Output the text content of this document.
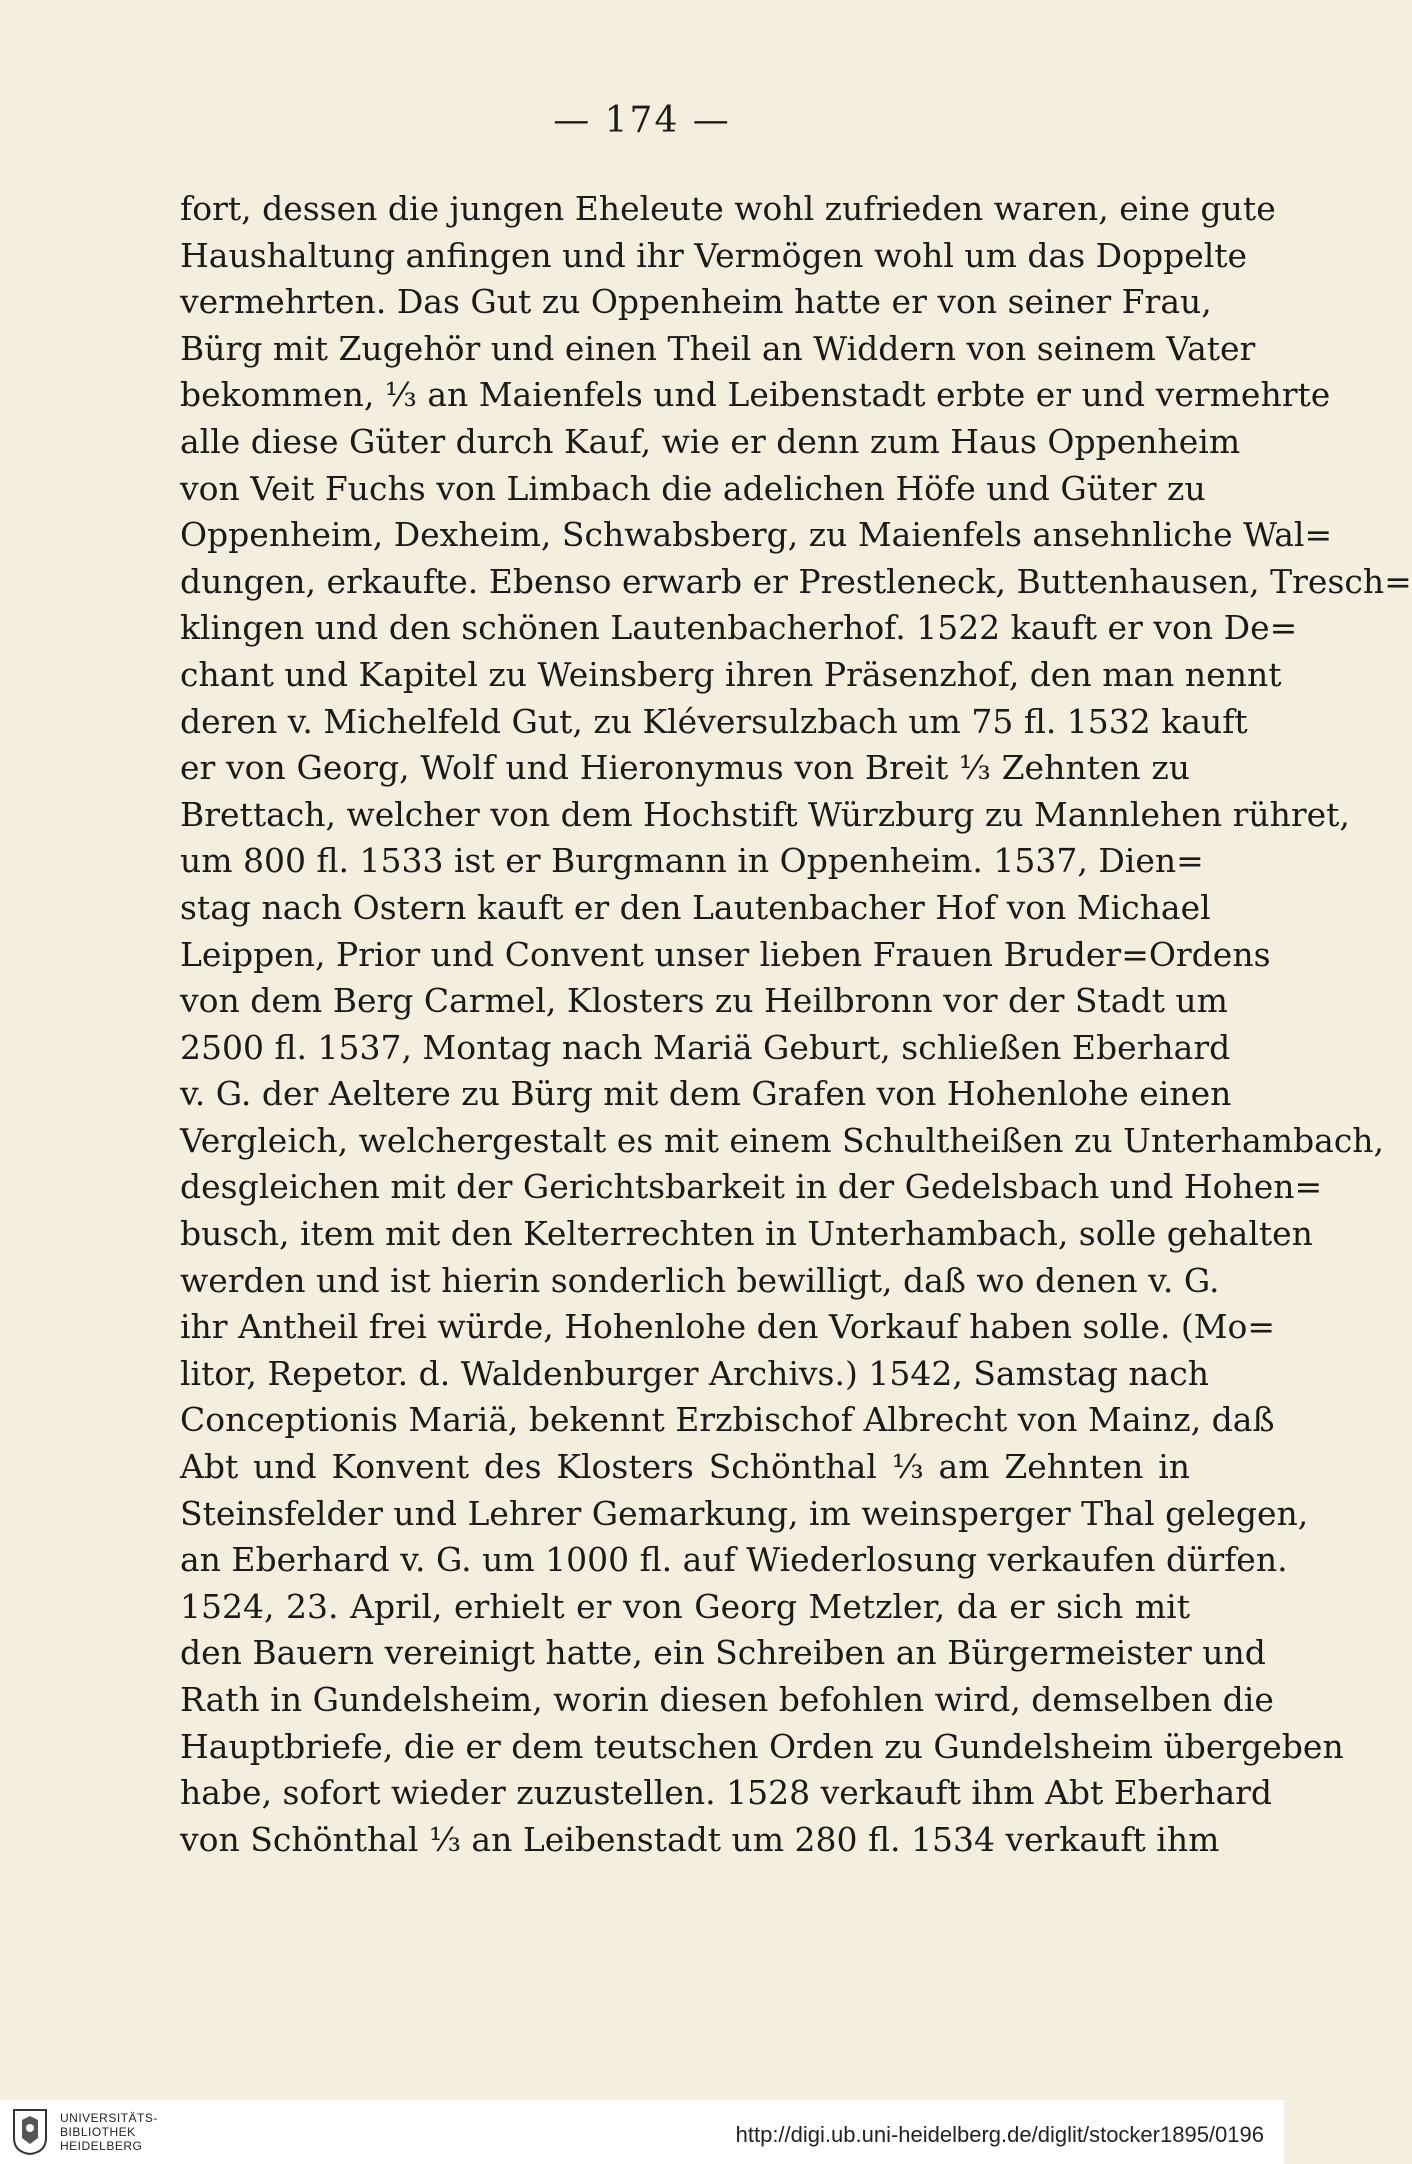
— 174 —
fort, dessen die jungen Eheleute wohl zufrieden waren, eine gute
Haushaltung anfingen und ihr Vermögen wohl um das Doppelte
vermehrten. Das Gut zu Oppenheim hatte er von seiner Frau,
Bürg mit Zugehör und einen Theil an Widdern von seinem Vater
bekommen, ⅓ an Maienfels und Leibenstadt erbte er und vermehrte
alle diese Güter durch Kauf, wie er denn zum Haus Oppenheim
von Veit Fuchs von Limbach die adelichen Höfe und Güter zu
Oppenheim, Dexheim, Schwabsberg, zu Maienfels ansehnliche Wal=
dungen, erkaufte. Ebenso erwarb er Prestleneck, Buttenhausen, Tresch=
klingen und den schönen Lautenbacherhof. 1522 kauft er von De=
chant und Kapitel zu Weinsberg ihren Präsenzhof, den man nennt
deren v. Michelfeld Gut, zu Kléversulzbach um 75 fl. 1532 kauft
er von Georg, Wolf und Hieronymus von Breit ⅓ Zehnten zu
Brettach, welcher von dem Hochstift Würzburg zu Mannlehen rühret,
um 800 fl. 1533 ist er Burgmann in Oppenheim. 1537, Dien=
stag nach Ostern kauft er den Lautenbacher Hof von Michael
Leippen, Prior und Convent unser lieben Frauen Bruder=Ordens
von dem Berg Carmel, Klosters zu Heilbronn vor der Stadt um
2500 fl. 1537, Montag nach Mariä Geburt, schließen Eberhard
v. G. der Aeltere zu Bürg mit dem Grafen von Hohenlohe einen
Vergleich, welchergestalt es mit einem Schultheißen zu Unterhambach,
desgleichen mit der Gerichtsbarkeit in der Gedelsbach und Hohen=
busch, item mit den Kelterrechten in Unterhambach, solle gehalten
werden und ist hierin sonderlich bewilligt, daß wo denen v. G.
ihr Antheil frei würde, Hohenlohe den Vorkauf haben solle. (Mo=
litor, Repetor. d. Waldenburger Archivs.) 1542, Samstag nach
Conceptionis Mariä, bekennt Erzbischof Albrecht von Mainz, daß
Abt und Konvent des Klosters Schönthal ⅓ am Zehnten in
Steinsfelder und Lehrer Gemarkung, im weinsperger Thal gelegen,
an Eberhard v. G. um 1000 fl. auf Wiederlosung verkaufen dürfen.
1524, 23. April, erhielt er von Georg Metzler, da er sich mit
den Bauern vereinigt hatte, ein Schreiben an Bürgermeister und
Rath in Gundelsheim, worin diesen befohlen wird, demselben die
Hauptbriefe, die er dem teutschen Orden zu Gundelsheim übergeben
habe, sofort wieder zuzustellen. 1528 verkauft ihm Abt Eberhard
von Schönthal ⅓ an Leibenstadt um 280 fl. 1534 verkauft ihm
UNIVERSITÄTS-
BIBLIOTHEK
HEIDELBERG	http://digi.ub.uni-heidelberg.de/diglit/stocker1895/0196
